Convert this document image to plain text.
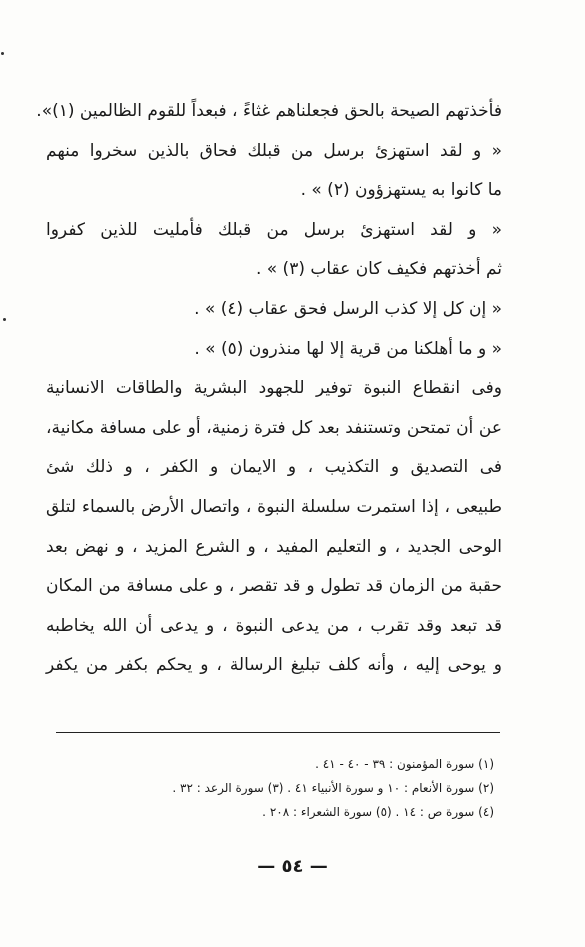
فأخذتهم الصيحة بالحق فجعلناهم غثاءً ، فبعداً للقوم الظالمين (١)».
« و لقد استهزئ برسل من قبلك فحاق بالذين سخروا منهم
ما كانوا به يستهزؤون (٢) » .
« و لقد استهزئ برسل من قبلك فأمليت للذين كفروا
ثم أخذتهم فكيف كان عقاب (٣) » .
« إن كل إلا كذب الرسل فحق عقاب (٤) » .
« و ما أهلكنا من قرية إلا لها منذرون (٥) » .
وفى انقطاع النبوة توفير للجهود البشرية والطاقات الانسانية
عن أن تمتحن وتستنفد بعد كل فترة زمنية، أو على مسافة مكانية،
فى التصديق و التكذيب ، و الايمان و الكفر ، و ذلك شئ
طبيعى ، إذا استمرت سلسلة النبوة ، واتصال الأرض بالسماء لتلق
الوحى الجديد ، و التعليم المفيد ، و الشرع المزيد ، و نهض بعد
حقبة من الزمان قد تطول و قد تقصر ، و على مسافة من المكان
قد تبعد وقد تقرب ، من يدعى النبوة ، و يدعى أن الله يخاطبه
و يوحى إليه ، وأنه كلف تبليغ الرسالة ، و يحكم بكفر من يكفر
(١) سورة المؤمنون : ٣٩ - ٤٠ - ٤١ .
(٢) سورة الأنعام : ١٠ و سورة الأنبياء ٤١ . (٣) سورة الرعد : ٣٢ .
(٤) سورة ص : ١٤ . (٥) سورة الشعراء : ٢٠٨ .
— ٥٤ —
